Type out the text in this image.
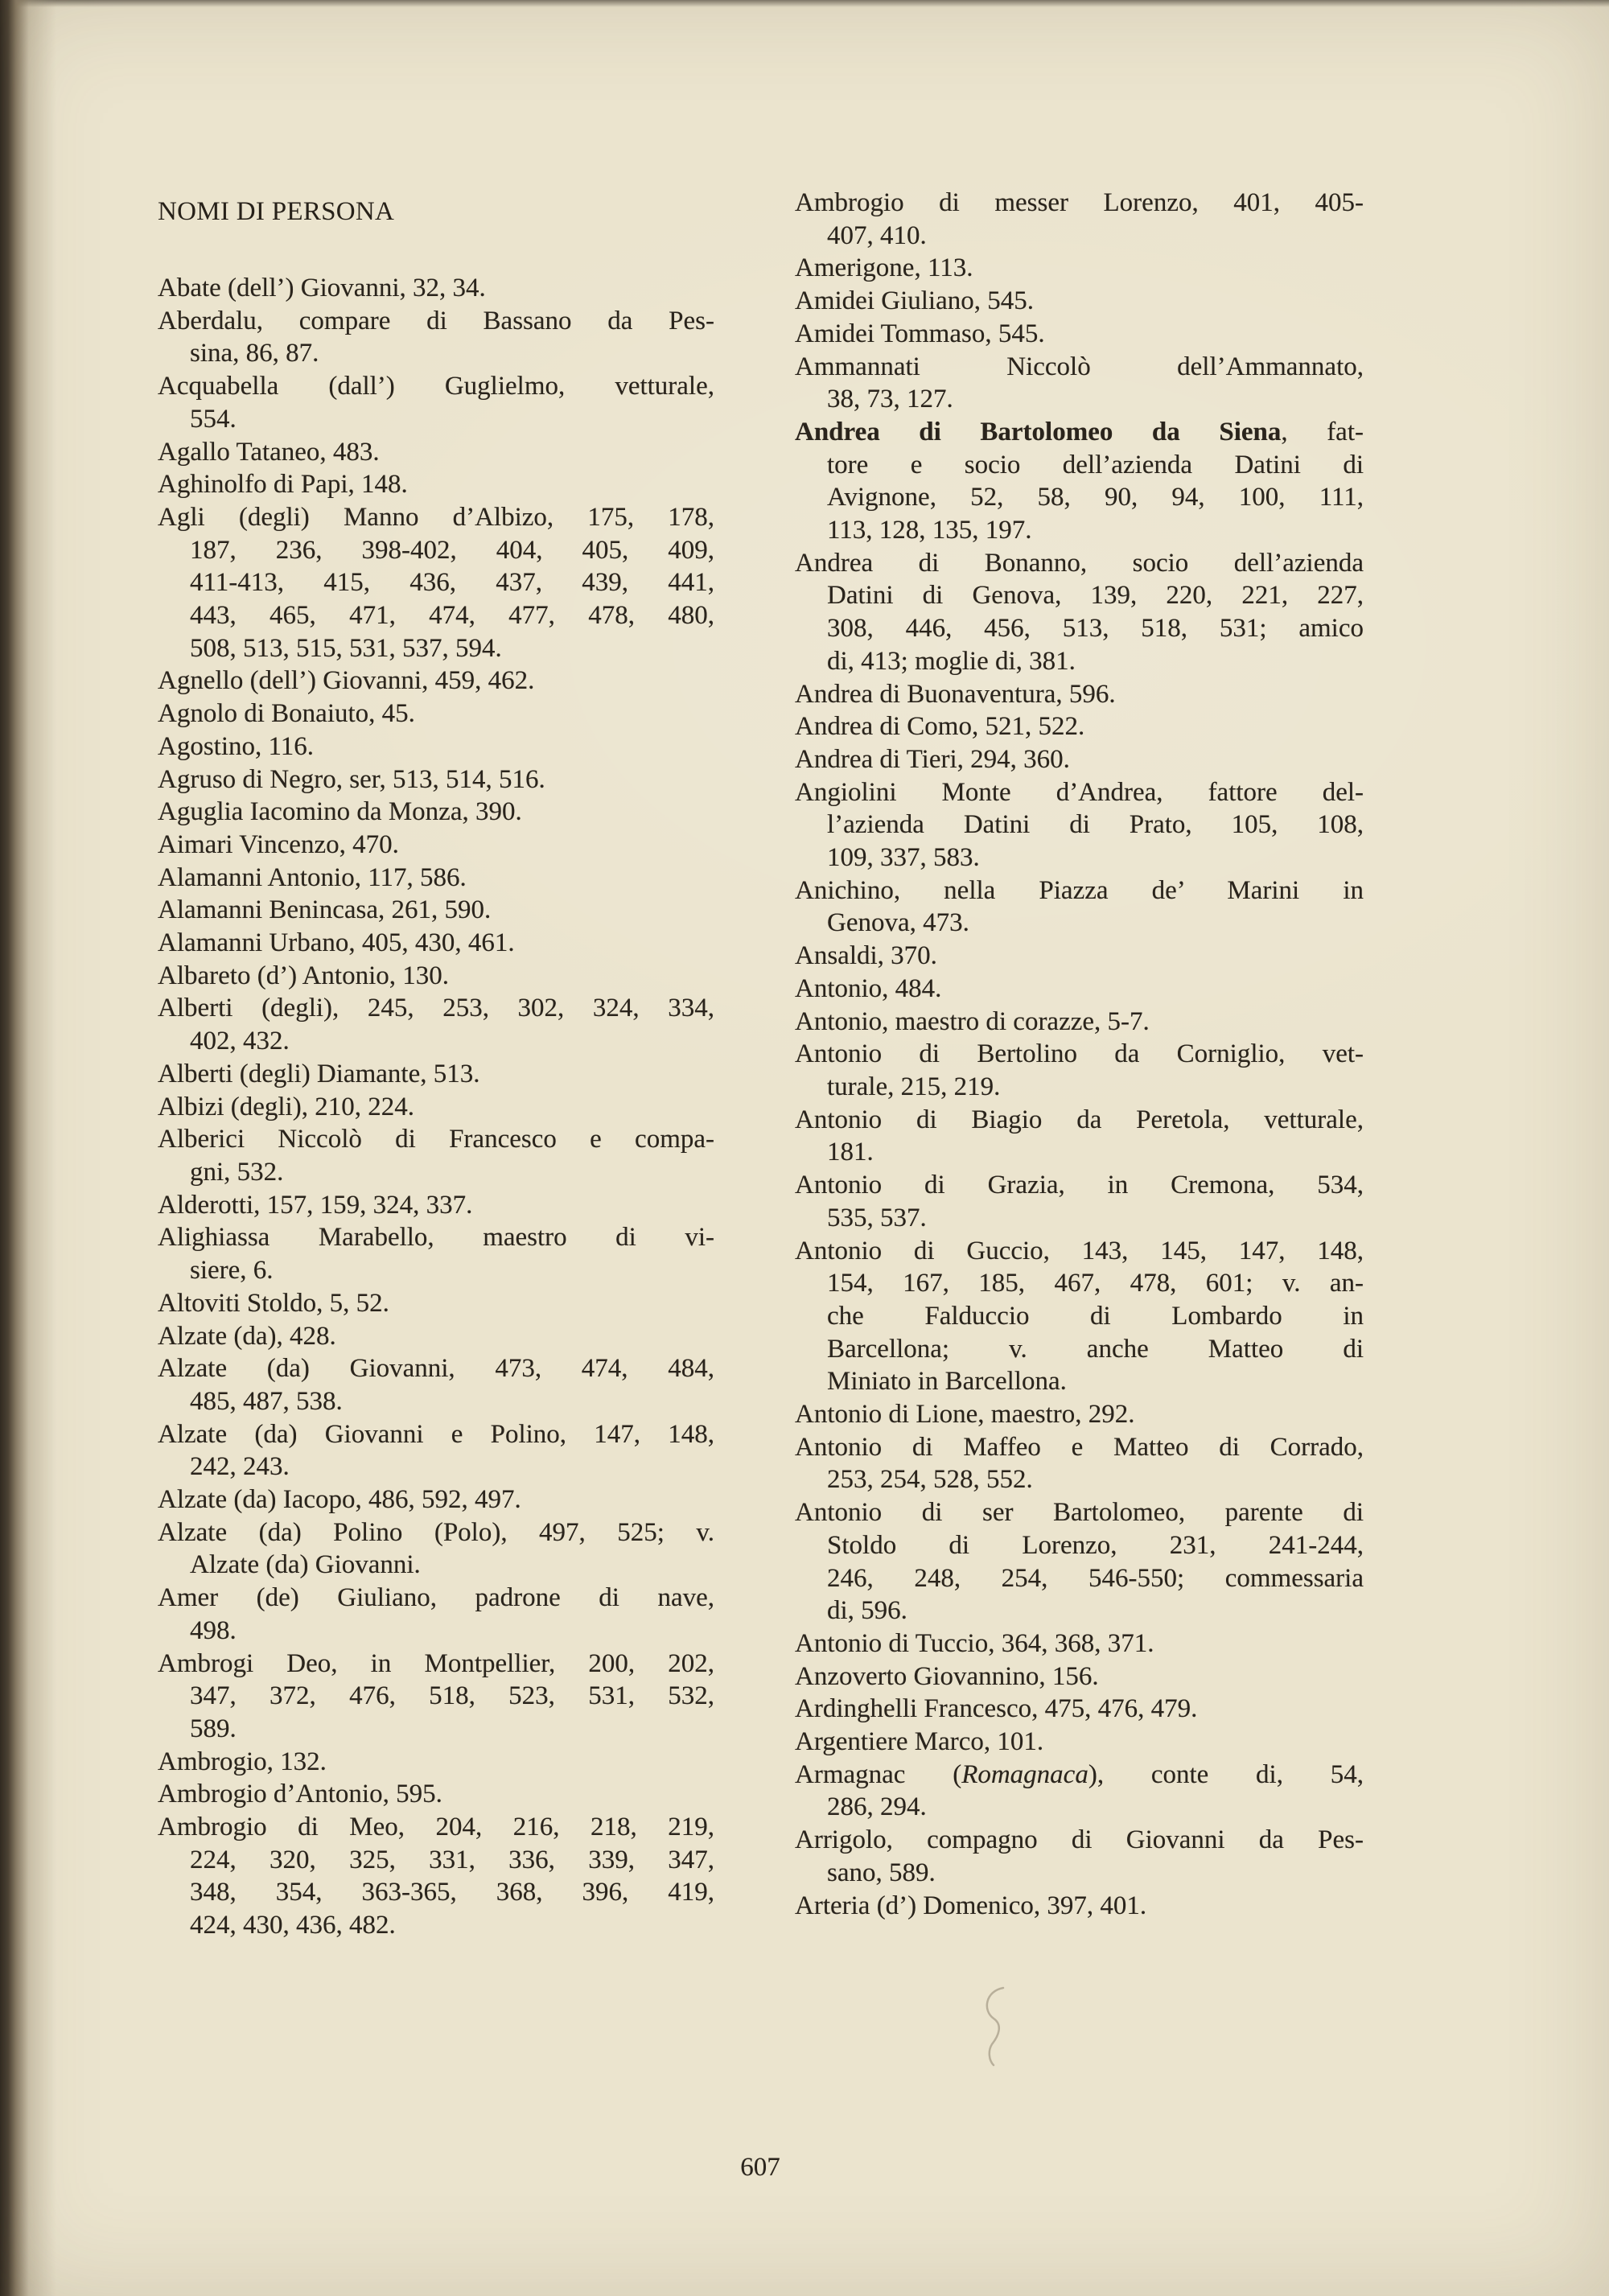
NOMI DI PERSONA
Abate (dell’) Giovanni, 32, 34.
Aberdalu, compare di Bassano da Pes-
sina, 86, 87.
Acquabella (dall’) Guglielmo, vetturale,
554.
Agallo Tataneo, 483.
Aghinolfo di Papi, 148.
Agli (degli) Manno d’Albizo, 175, 178,
187, 236, 398-402, 404, 405, 409,
411-413, 415, 436, 437, 439, 441,
443, 465, 471, 474, 477, 478, 480,
508, 513, 515, 531, 537, 594.
Agnello (dell’) Giovanni, 459, 462.
Agnolo di Bonaiuto, 45.
Agostino, 116.
Agruso di Negro, ser, 513, 514, 516.
Aguglia Iacomino da Monza, 390.
Aimari Vincenzo, 470.
Alamanni Antonio, 117, 586.
Alamanni Benincasa, 261, 590.
Alamanni Urbano, 405, 430, 461.
Albareto (d’) Antonio, 130.
Alberti (degli), 245, 253, 302, 324, 334,
402, 432.
Alberti (degli) Diamante, 513.
Albizi (degli), 210, 224.
Alberici Niccolò di Francesco e compa-
gni, 532.
Alderotti, 157, 159, 324, 337.
Alighiassa Marabello, maestro di vi-
siere, 6.
Altoviti Stoldo, 5, 52.
Alzate (da), 428.
Alzate (da) Giovanni, 473, 474, 484,
485, 487, 538.
Alzate (da) Giovanni e Polino, 147, 148,
242, 243.
Alzate (da) Iacopo, 486, 592, 497.
Alzate (da) Polino (Polo), 497, 525; v.
Alzate (da) Giovanni.
Amer (de) Giuliano, padrone di nave,
498.
Ambrogi Deo, in Montpellier, 200, 202,
347, 372, 476, 518, 523, 531, 532,
589.
Ambrogio, 132.
Ambrogio d’Antonio, 595.
Ambrogio di Meo, 204, 216, 218, 219,
224, 320, 325, 331, 336, 339, 347,
348, 354, 363-365, 368, 396, 419,
424, 430, 436, 482.
Ambrogio di messer Lorenzo, 401, 405-
407, 410.
Amerigone, 113.
Amidei Giuliano, 545.
Amidei Tommaso, 545.
Ammannati Niccolò dell’Ammannato,
38, 73, 127.
Andrea di Bartolomeo da Siena, fat-
tore e socio dell’azienda Datini di
Avignone, 52, 58, 90, 94, 100, 111,
113, 128, 135, 197.
Andrea di Bonanno, socio dell’azienda
Datini di Genova, 139, 220, 221, 227,
308, 446, 456, 513, 518, 531; amico
di, 413; moglie di, 381.
Andrea di Buonaventura, 596.
Andrea di Como, 521, 522.
Andrea di Tieri, 294, 360.
Angiolini Monte d’Andrea, fattore del-
l’azienda Datini di Prato, 105, 108,
109, 337, 583.
Anichino, nella Piazza de’ Marini in
Genova, 473.
Ansaldi, 370.
Antonio, 484.
Antonio, maestro di corazze, 5-7.
Antonio di Bertolino da Corniglio, vet-
turale, 215, 219.
Antonio di Biagio da Peretola, vetturale,
181.
Antonio di Grazia, in Cremona, 534,
535, 537.
Antonio di Guccio, 143, 145, 147, 148,
154, 167, 185, 467, 478, 601; v. an-
che Falduccio di Lombardo in
Barcellona; v. anche Matteo di
Miniato in Barcellona.
Antonio di Lione, maestro, 292.
Antonio di Maffeo e Matteo di Corrado,
253, 254, 528, 552.
Antonio di ser Bartolomeo, parente di
Stoldo di Lorenzo, 231, 241-244,
246, 248, 254, 546-550; commessaria
di, 596.
Antonio di Tuccio, 364, 368, 371.
Anzoverto Giovannino, 156.
Ardinghelli Francesco, 475, 476, 479.
Argentiere Marco, 101.
Armagnac (Romagnaca), conte di, 54,
286, 294.
Arrigolo, compagno di Giovanni da Pes-
sano, 589.
Arteria (d’) Domenico, 397, 401.
607
